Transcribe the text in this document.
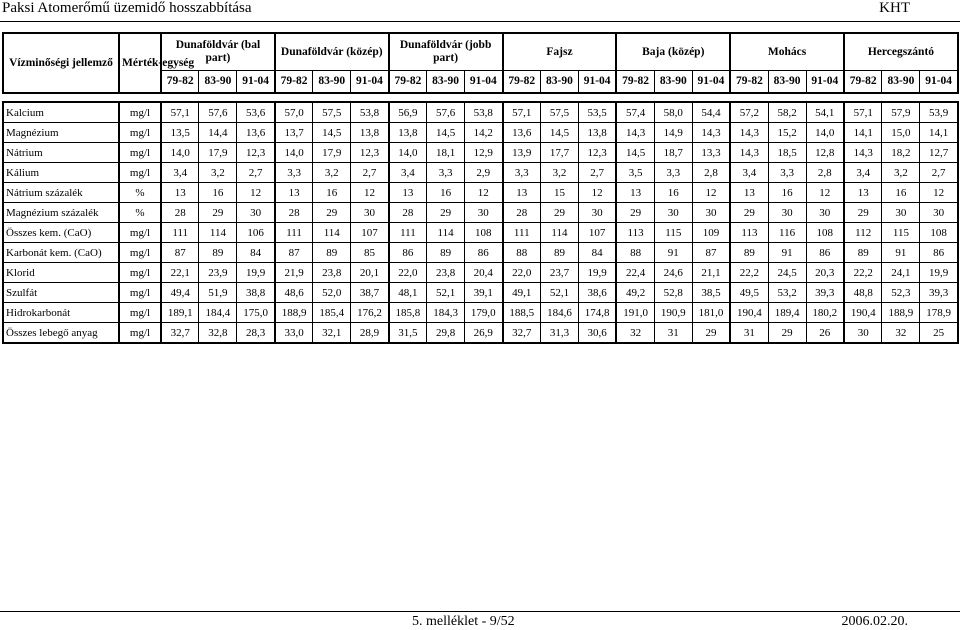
Paksi Atomerőmű üzemidő hosszabbítása	KHT
Vízminőségi jellemző	Mérték-egység	Dunaföldvár (bal part)			Dunaföldvár (közép)			Dunaföldvár (jobb part)			Fajsz			Baja (közép)			Mohács			Hercegszántó		
		79-82	83-90	91-04	79-82	83-90	91-04	79-82	83-90	91-04	79-82	83-90	91-04	79-82	83-90	91-04	79-82	83-90	91-04	79-82	83-90	91-04

Kalcium	mg/l	57,1	57,6	53,6	57,0	57,5	53,8	56,9	57,6	53,8	57,1	57,5	53,5	57,4	58,0	54,4	57,2	58,2	54,1	57,1	57,9	53,9
Magnézium	mg/l	13,5	14,4	13,6	13,7	14,5	13,8	13,8	14,5	14,2	13,6	14,5	13,8	14,3	14,9	14,3	14,3	15,2	14,0	14,1	15,0	14,1
Nátrium	mg/l	14,0	17,9	12,3	14,0	17,9	12,3	14,0	18,1	12,9	13,9	17,7	12,3	14,5	18,7	13,3	14,3	18,5	12,8	14,3	18,2	12,7
Kálium	mg/l	3,4	3,2	2,7	3,3	3,2	2,7	3,4	3,3	2,9	3,3	3,2	2,7	3,5	3,3	2,8	3,4	3,3	2,8	3,4	3,2	2,7
Nátrium százalék	%	13	16	12	13	16	12	13	16	12	13	15	12	13	16	12	13	16	12	13	16	12
Magnézium százalék	%	28	29	30	28	29	30	28	29	30	28	29	30	29	30	30	29	30	30	29	30	30
Összes kem. (CaO)	mg/l	111	114	106	111	114	107	111	114	108	111	114	107	113	115	109	113	116	108	112	115	108
Karbonát kem. (CaO)	mg/l	87	89	84	87	89	85	86	89	86	88	89	84	88	91	87	89	91	86	89	91	86
Klorid	mg/l	22,1	23,9	19,9	21,9	23,8	20,1	22,0	23,8	20,4	22,0	23,7	19,9	22,4	24,6	21,1	22,2	24,5	20,3	22,2	24,1	19,9
Szulfát	mg/l	49,4	51,9	38,8	48,6	52,0	38,7	48,1	52,1	39,1	49,1	52,1	38,6	49,2	52,8	38,5	49,5	53,2	39,3	48,8	52,3	39,3
Hidrokarbonát	mg/l	189,1	184,4	175,0	188,9	185,4	176,2	185,8	184,3	179,0	188,5	184,6	174,8	191,0	190,9	181,0	190,4	189,4	180,2	190,4	188,9	178,9
Összes lebegő anyag	mg/l	32,7	32,8	28,3	33,0	32,1	28,9	31,5	29,8	26,9	32,7	31,3	30,6	32	31	29	31	29	26	30	32	25
5. melléklet - 9/52	2006.02.20.
